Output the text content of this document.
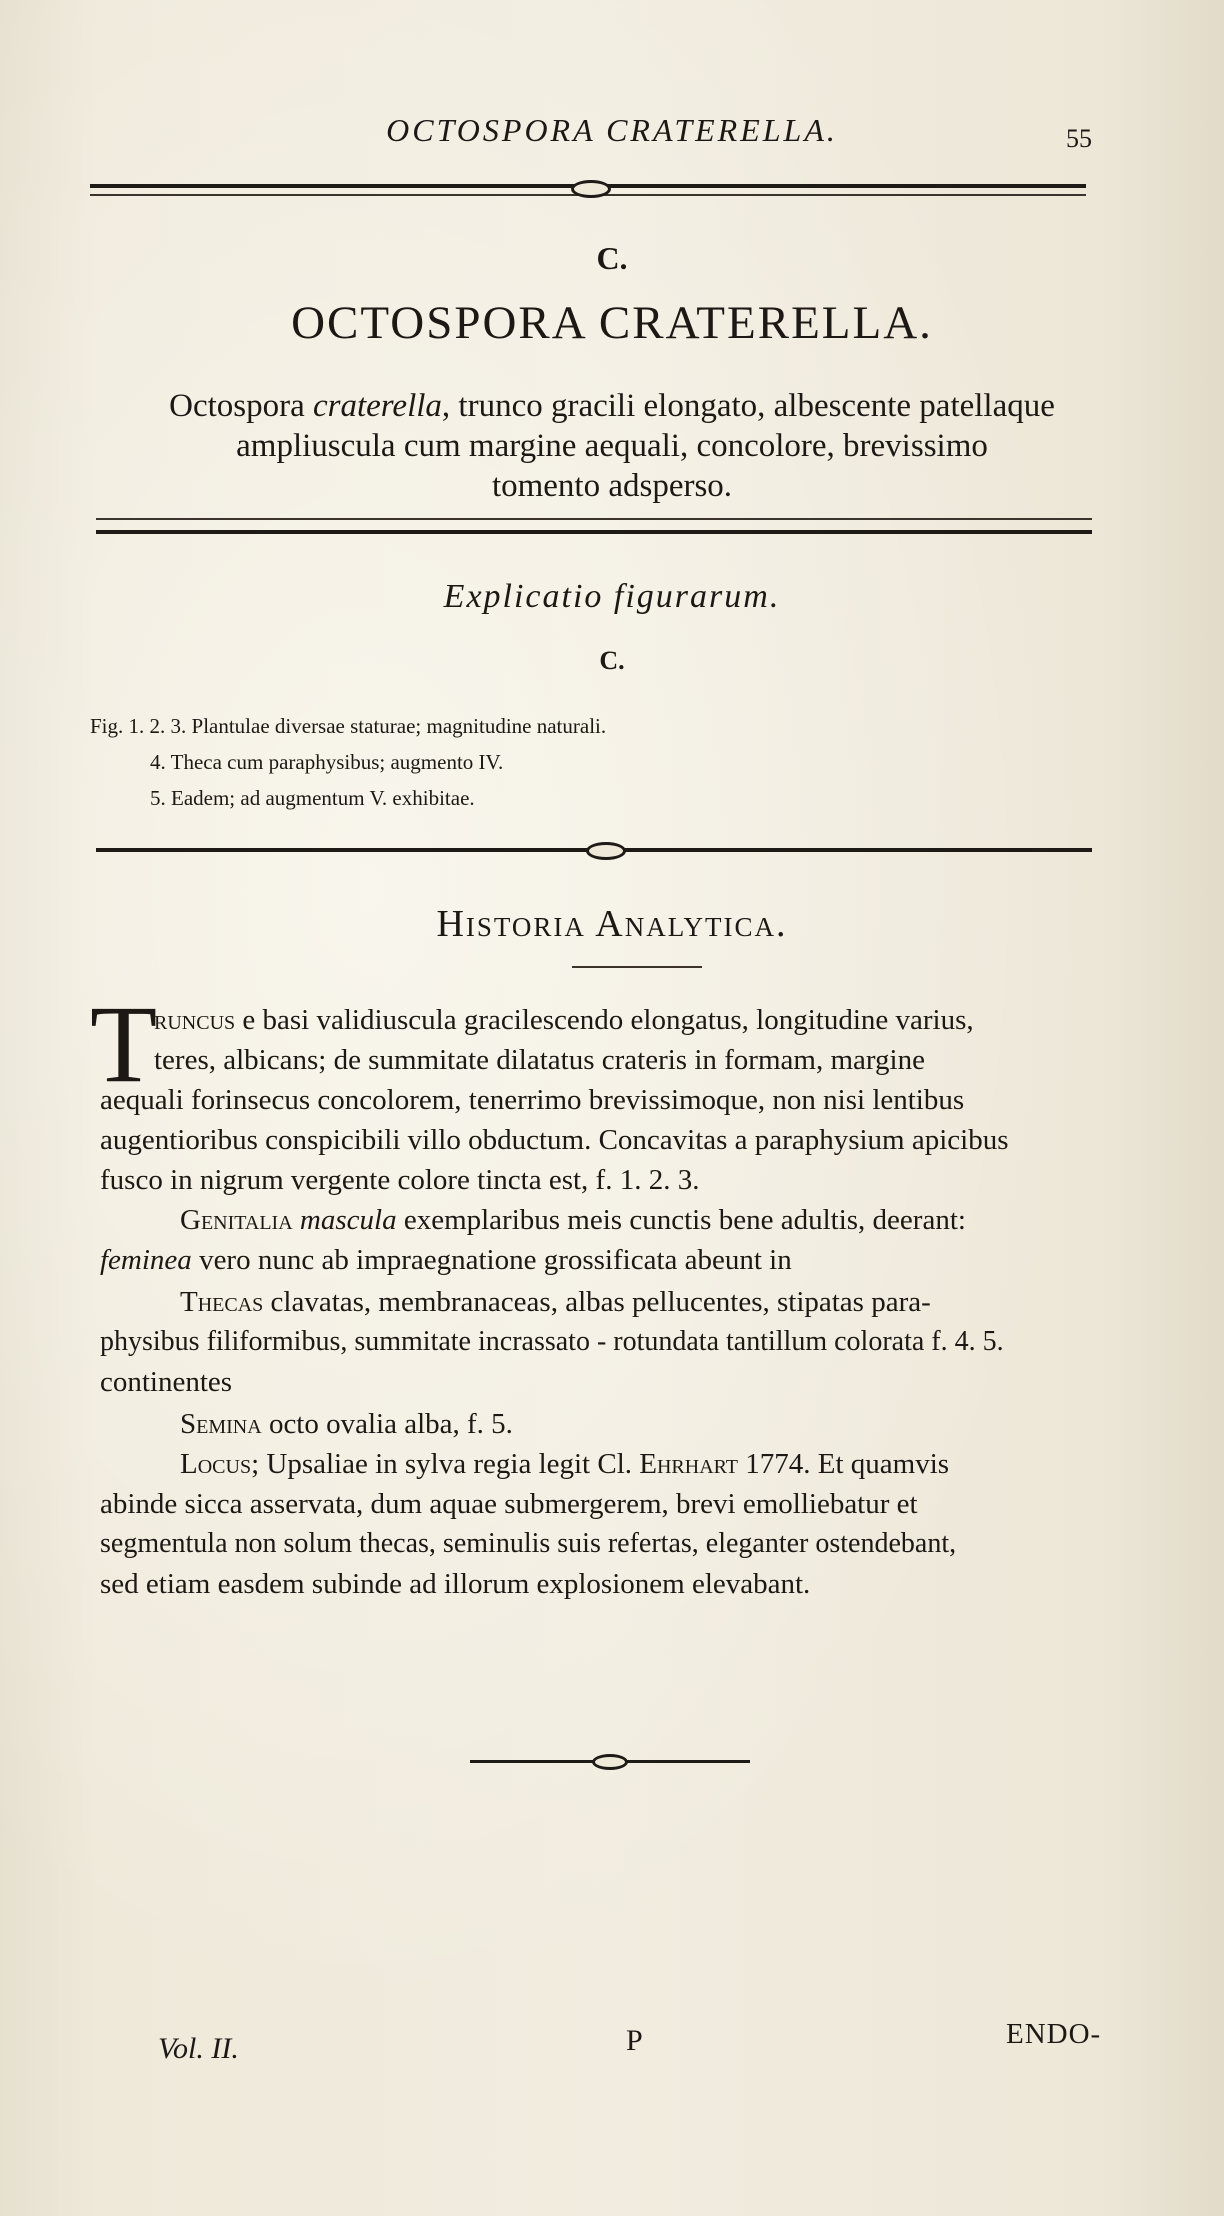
OCTOSPORA CRATERELLA.	55
C.
OCTOSPORA CRATERELLA.
Octospora craterella, trunco gracili elongato, albescente patellaque
ampliuscula cum margine aequali, concolore, brevissimo
tomento adsperso.
Explicatio figurarum.
C.
Fig. 1. 2. 3. Plantulae diversae staturae; magnitudine naturali.
4. Theca cum paraphysibus; augmento IV.
5. Eadem; ad augmentum V. exhibitae.
Historia Analytica.
T
runcus e basi validiuscula gracilescendo elongatus, longitudine varius,
teres, albicans; de summitate dilatatus crateris in formam, margine
aequali forinsecus concolorem, tenerrimo brevissimoque, non nisi lentibus
augentioribus conspicibili villo obductum. Concavitas a paraphysium apicibus
fusco in nigrum vergente colore tincta est, f. 1. 2. 3.
Genitalia mascula exemplaribus meis cunctis bene adultis, deerant:
feminea vero nunc ab impraegnatione grossificata abeunt in
Thecas clavatas, membranaceas, albas pellucentes, stipatas para-
physibus filiformibus, summitate incrassato - rotundata tantillum colorata f. 4. 5.
continentes
Semina octo ovalia alba, f. 5.
Locus; Upsaliae in sylva regia legit Cl. Ehrhart 1774. Et quamvis
abinde sicca asservata, dum aquae submergerem, brevi emolliebatur et
segmentula non solum thecas, seminulis suis refertas, eleganter ostendebant,
sed etiam easdem subinde ad illorum explosionem elevabant.
Vol. II.	P	ENDO-
